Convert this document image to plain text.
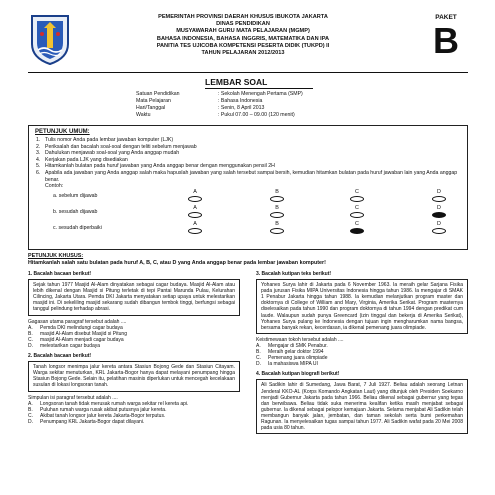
PEMERINTAH PROVINSI DAERAH KHUSUS IBUKOTA JAKARTA
DINAS PENDIDIKAN
MUSYAWARAH GURU MATA PELAJARAN (MGMP)
BAHASA INDONESIA, BAHASA INGGRIS, MATEMATIKA DAN IPA
PANITIA TES UJICOBA KOMPETENSI PESERTA DIDIK (TUKPD) II
TAHUN PELAJARAN 2012/2013
PAKET
B
LEMBAR SOAL
Satuan Pendidikan	: Sekolah Menengah Pertama (SMP)
Mata Pelajaran	: Bahasa Indonesia
Hari/Tanggal	: Senin, 8 April 2013
Waktu	: Pukul 07.00 – 09.00 (120 menit)
PETUNJUK UMUM:
1. Tulis nomor Anda pada lembar jawaban komputer (LJK)
2. Periksalah dan bacalah soal-soal dengan teliti sebelum menjawab
3. Dahulukan menjawab soal-soal yang Anda anggap mudah
4. Kerjakan pada LJK yang disediakan
5. Hitamkanlah bulatan pada huruf jawaban yang Anda anggap benar dengan menggunakan pensil 2H
6. Apabila ada jawaban yang Anda anggap salah maka hapuslah jawaban yang salah tersebut sampai bersih, kemudian hitamkan bulatan pada huruf jawaban lain yang Anda anggap benar.
Contoh:
a. sebelum dijawab
A	B	C	D
b. sesudah dijawab
A	B	C	D
c. sesudah diperbaiki
A	B	C	D
PETUNJUK KHUSUS:
Hitamkanlah salah satu bulatan pada huruf A, B, C, atau D yang Anda anggap benar pada lembar jawaban komputer!
1. Bacalah bacaan berikut!
Sejak tahun 1977 Masjid Al-Alam dinyatakan sebagai cagar budaya. Masjid Al-Alam atau lebih dikenal dengan Masjid si Pitung terletak di tepi Pantai Marunda Pulau, Kelurahan Cilincing, Jakarta Utara. Pemda DKI Jakarta menyatakan setiap upaya untuk melestarikan masjid ini. Di sekeliling masjid sekarang sudah dibangun tembok tinggi, berfungsi sebagai tanggul pelindung terhadap abrasi.
Gagasan utama paragraf tersebut adalah ....
A.	Pemda DKI melindungi cagar budaya
B.	masjid Al-Alam disebut Masjid si Pitung
C.	masjid Al-Alam menjadi cagar budaya
D.	melestarikan cagar budaya
2. Bacalah bacaan berikut!
Tanah longsor menimpa jalur kereta antara Stasiun Bojong Gede dan Stasiun Citayam. Warga sekitar menuturkan, KRL Jakarta-Bogor hanya dapat melayani penumpang hingga Stasiun Bojong Gede. Selain itu, pelatihan masinis diperlukan untuk mencegah kecelakaan susulan di lokasi longsoran tanah.
Simpulan isi paragraf tersebut adalah ....
A.	Longsoran tanah tidak merusak rumah warga sekitar rel kereta api.
B.	Puluhan rumah warga rusak akibat putusnya jalur kereta.
C.	Akibat tanah longsor jalur kereta Jakarta-Bogor terputus.
D.	Penumpang KRL Jakarta-Bogor dapat dilayani.
3. Bacalah kutipan teks berikut!
Yohanes Surya lahir di Jakarta pada 6 November 1963. Ia meraih gelar Sarjana Fisika pada jurusan Fisika MIPA Universitas Indonesia hingga tahun 1986. Ia mengajar di SMAK 1 Penabur Jakarta hingga tahun 1988. Ia kemudian melanjutkan program master dan doktornya di College of William and Mary, Virginia, Amerika Serikat. Program masternya diselesaikan pada tahun 1990 dan program doktornya di tahun 1994 dengan predikat cum laude. Walaupun sudah punya Greencard (izin tinggal dan bekerja di Amerika Serikat), Yohanes Surya pulang ke Indonesia dengan tujuan ingin mengharumkan nama bangsa, bersama banyak rekan, kecerdasan, ia dikenal pemenang juara olimpiade.
Keistimewaan tokoh tersebut adalah ....
A.	Mengajar di SMK Penabur.
B.	Meraih gelar doktor 1994
C.	Pemenang juara olimpiade
D.	Ia mahasiswa MIPA UI
4. Bacalah kutipan biografi berikut!
Ali Sadikin lahir di Sumedang, Jawa Barat, 7 Juli 1927. Beliau adalah seorang Letnan Jenderal KKO-AL (Korps Komando Angkatan Laut) yang ditunjuk oleh Presiden Soekarno menjadi Gubernur Jakarta pada tahun 1966. Beliau dikenal sebagai gubernur yang tegas dan berwibawa. Beliau tidak suka menerima kealifan ketika masih menjabat sebagai gubernur. Ia dikenal sebagai pelopor kemajuan Jakarta. Selama menjabat Ali Sadikin telah membangun banyak jalan, jembatan, dan taman sekolah serta bumi perkemahan Ragunan. Ia menyelesaikan tugas sampai tahun 1977. Ali Sadikin wafat pada 20 Mei 2008 pada usia 80 tahun.
